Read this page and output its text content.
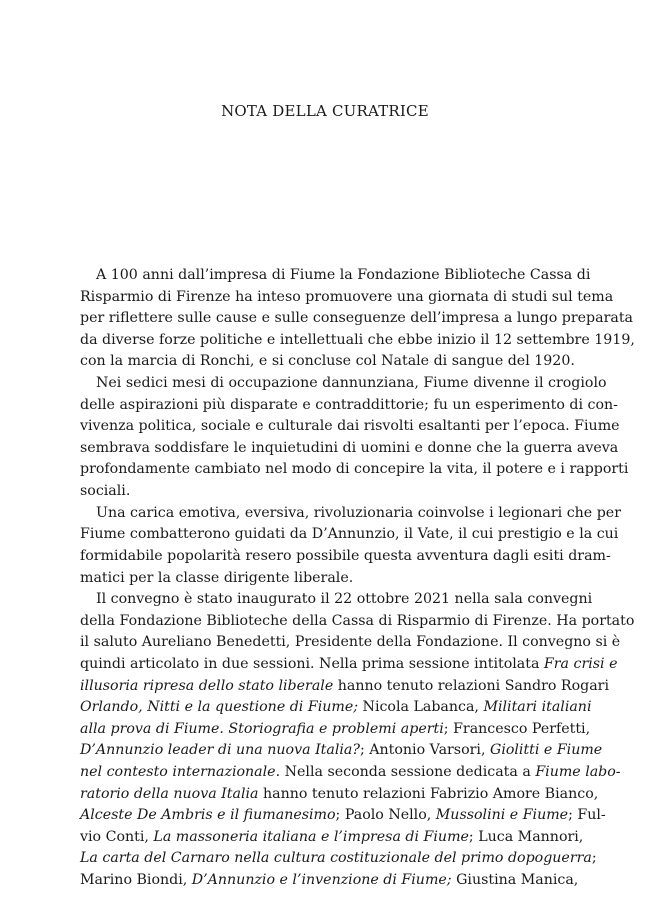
NOTA DELLA CURATRICE
A 100 anni dall’impresa di Fiume la Fondazione Biblioteche Cassa di
Risparmio di Firenze ha inteso promuovere una giornata di studi sul tema
per riflettere sulle cause e sulle conseguenze dell’impresa a lungo preparata
da diverse forze politiche e intellettuali che ebbe inizio il 12 settembre 1919,
con la marcia di Ronchi, e si concluse col Natale di sangue del 1920.
Nei sedici mesi di occupazione dannunziana, Fiume divenne il crogiolo
delle aspirazioni più disparate e contraddittorie; fu un esperimento di con-
vivenza politica, sociale e culturale dai risvolti esaltanti per l’epoca. Fiume
sembrava soddisfare le inquietudini di uomini e donne che la guerra aveva
profondamente cambiato nel modo di concepire la vita, il potere e i rapporti
sociali.
Una carica emotiva, eversiva, rivoluzionaria coinvolse i legionari che per
Fiume combatterono guidati da D’Annunzio, il Vate, il cui prestigio e la cui
formidabile popolarità resero possibile questa avventura dagli esiti dram-
matici per la classe dirigente liberale.
Il convegno è stato inaugurato il 22 ottobre 2021 nella sala convegni
della Fondazione Biblioteche della Cassa di Risparmio di Firenze. Ha portato
il saluto Aureliano Benedetti, Presidente della Fondazione. Il convegno si è
quindi articolato in due sessioni. Nella prima sessione intitolata Fra crisi e
illusoria ripresa dello stato liberale hanno tenuto relazioni Sandro Rogari
Orlando, Nitti e la questione di Fiume; Nicola Labanca, Militari italiani
alla prova di Fiume. Storiografia e problemi aperti; Francesco Perfetti,
D’Annunzio leader di una nuova Italia?; Antonio Varsori, Giolitti e Fiume
nel contesto internazionale. Nella seconda sessione dedicata a Fiume labo-
ratorio della nuova Italia hanno tenuto relazioni Fabrizio Amore Bianco,
Alceste De Ambris e il fiumanesimo; Paolo Nello, Mussolini e Fiume; Ful-
vio Conti, La massoneria italiana e l’impresa di Fiume; Luca Mannori,
La carta del Carnaro nella cultura costituzionale del primo dopoguerra;
Marino Biondi, D’Annunzio e l’invenzione di Fiume; Giustina Manica,
